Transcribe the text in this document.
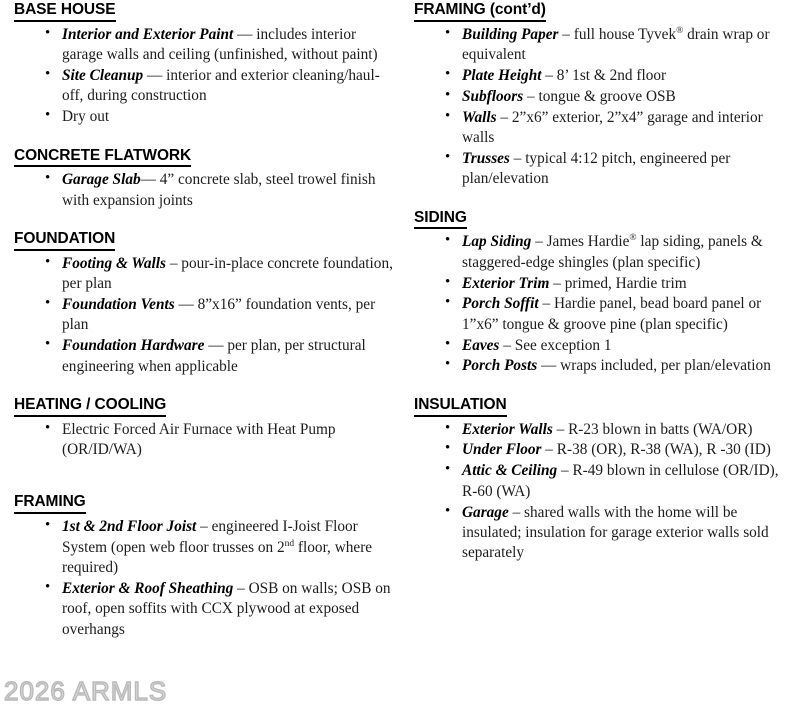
BASE HOUSE
• Interior and Exterior Paint — includes interior garage walls and ceiling (unfinished, without paint)
• Site Cleanup — interior and exterior cleaning/haul-off, during construction
• Dry out
CONCRETE FLATWORK
• Garage Slab— 4” concrete slab, steel trowel finish with expansion joints
FOUNDATION
• Footing & Walls – pour-in-place concrete foundation, per plan
• Foundation Vents — 8”x16” foundation vents, per plan
• Foundation Hardware — per plan, per structural engineering when applicable
HEATING / COOLING
• Electric Forced Air Furnace with Heat Pump (OR/ID/WA)
FRAMING
• 1st & 2nd Floor Joist – engineered I-Joist Floor System (open web floor trusses on 2nd floor, where required)
• Exterior & Roof Sheathing – OSB on walls; OSB on roof, open soffits with CCX plywood at exposed overhangs
FRAMING (cont’d)
• Building Paper – full house Tyvek® drain wrap or equivalent
• Plate Height – 8’ 1st & 2nd floor
• Subfloors – tongue & groove OSB
• Walls – 2”x6” exterior, 2”x4” garage and interior walls
• Trusses – typical 4:12 pitch, engineered per plan/elevation
SIDING
• Lap Siding – James Hardie® lap siding, panels & staggered-edge shingles (plan specific)
• Exterior Trim – primed, Hardie trim
• Porch Soffit – Hardie panel, bead board panel or 1”x6” tongue & groove pine (plan specific)
• Eaves – See exception 1
• Porch Posts — wraps included, per plan/elevation
INSULATION
• Exterior Walls – R-23 blown in batts (WA/OR)
• Under Floor – R-38 (OR), R-38 (WA), R -30 (ID)
• Attic & Ceiling – R-49 blown in cellulose (OR/ID), R-60 (WA)
• Garage – shared walls with the home will be insulated; insulation for garage exterior walls sold separately
2026 ARMLS
